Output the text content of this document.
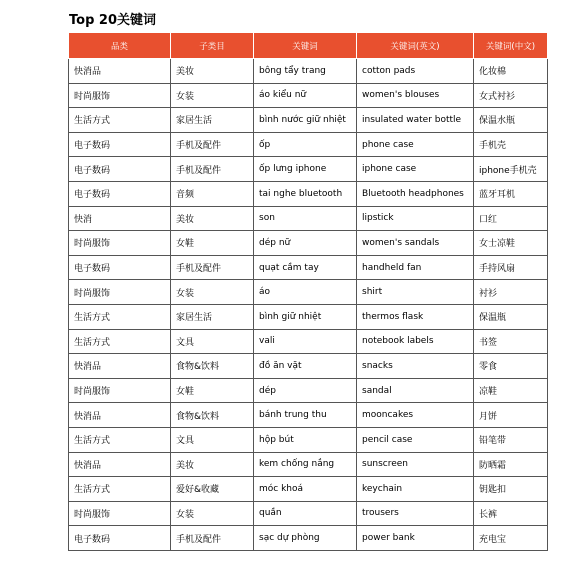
Top 20关键词
品类	子类目	关键词	关键词(英文)	关键词(中文)
快消品	美妆	bông tẩy trang	cotton pads	化妆棉
时尚服饰	女装	áo kiểu nữ	women's blouses	女式衬衫
生活方式	家居生活	bình nước giữ nhiệt	insulated water bottle	保温水瓶
电子数码	手机及配件	ốp	phone case	手机壳
电子数码	手机及配件	ốp lưng iphone	iphone case	iphone手机壳
电子数码	音频	tai nghe bluetooth	Bluetooth headphones	蓝牙耳机
快消	美妆	son	lipstick	口红
时尚服饰	女鞋	dép nữ	women's sandals	女士凉鞋
电子数码	手机及配件	quạt cầm tay	handheld fan	手持风扇
时尚服饰	女装	áo	shirt	衬衫
生活方式	家居生活	bình giữ nhiệt	thermos flask	保温瓶
生活方式	文具	vali	notebook labels	书签
快消品	食物&饮料	đồ ăn vặt	snacks	零食
时尚服饰	女鞋	dép	sandal	凉鞋
快消品	食物&饮料	bánh trung thu	mooncakes	月饼
生活方式	文具	hộp bút	pencil case	铅笔带
快消品	美妆	kem chống nắng	sunscreen	防晒霜
生活方式	爱好&收藏	móc khoá	keychain	钥匙扣
时尚服饰	女装	quần	trousers	长裤
电子数码	手机及配件	sạc dự phòng	power bank	充电宝
